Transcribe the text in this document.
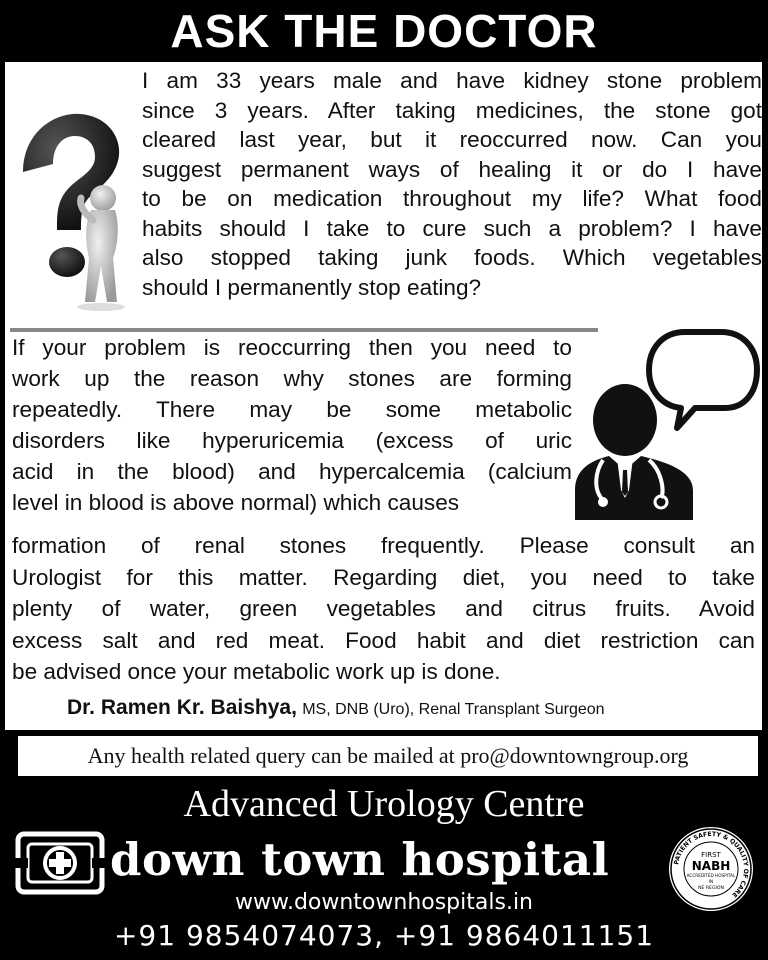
ASK THE DOCTOR
I am 33 years male and have kidney stone problem
since 3 years. After taking medicines, the stone got
cleared last year, but it reoccurred now. Can you
suggest permanent ways of healing it or do I have
to be on medication throughout my life? What food
habits should I take to cure such a problem? I have
also stopped taking junk foods. Which vegetables
should I permanently stop eating?
If your problem is reoccurring then you need to
work up the reason why stones are forming
repeatedly. There may be some metabolic
disorders like hyperuricemia (excess of uric
acid in the blood) and hypercalcemia (calcium
level in blood is above normal) which causes
formation of renal stones frequently. Please consult an
Urologist for this matter. Regarding diet, you need to take
plenty of water, green vegetables and citrus fruits. Avoid
excess salt and red meat. Food habit and diet restriction can
be advised once your metabolic work up is done.
Dr. Ramen Kr. Baishya, MS, DNB (Uro), Renal Transplant Surgeon
Any health related query can be mailed at pro@downtowngroup.org
Advanced Urology Centre
down town hospital	PATIENT SAFETY & QUALITY OF CARE
FIRST
NABH
ACCREDITED HOSPITAL
IN
NE REGION
www.downtownhospitals.in
+91 9854074073, +91 9864011151
